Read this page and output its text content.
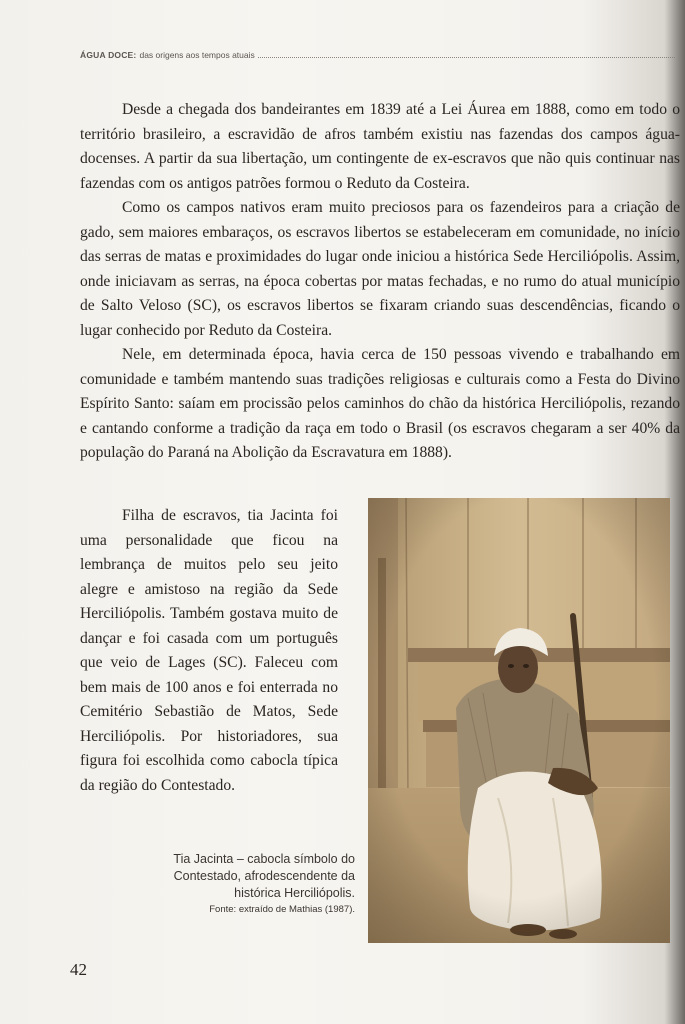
ÁGUA DOCE: das origens aos tempos atuais

Desde a chegada dos bandeirantes em 1839 até a Lei Áurea em 1888, como em todo o território brasileiro, a escravidão de afros também existiu nas fazendas dos campos água-docenses. A partir da sua libertação, um contingente de ex-escravos que não quis continuar nas fazendas com os antigos patrões formou o Reduto da Costeira.

Como os campos nativos eram muito preciosos para os fazendeiros para a criação de gado, sem maiores embaraços, os escravos libertos se estabeleceram em comunidade, no início das serras de matas e proximidades do lugar onde iniciou a histórica Sede Herciliópolis. Assim, onde iniciavam as serras, na época cobertas por matas fechadas, e no rumo do atual município de Salto Veloso (SC), os escravos libertos se fixaram criando suas descendências, ficando o lugar conhecido por Reduto da Costeira.

Nele, em determinada época, havia cerca de 150 pessoas vivendo e trabalhando em comunidade e também mantendo suas tradições religiosas e culturais como a Festa do Divino Espírito Santo: saíam em procissão pelos caminhos do chão da histórica Herciliópolis, rezando e cantando conforme a tradição da raça em todo o Brasil (os escravos chegaram a ser 40% da população do Paraná na Abolição da Escravatura em 1888).

Filha de escravos, tia Jacinta foi uma personalidade que ficou na lembrança de muitos pelo seu jeito alegre e amistoso na região da Sede Herciliópolis. Também gostava muito de dançar e foi casada com um português que veio de Lages (SC). Faleceu com bem mais de 100 anos e foi enterrada no Cemitério Sebastião de Matos, Sede Herciliópolis. Por historiadores, sua figura foi escolhida como cabocla típica da região do Contestado.

Tia Jacinta – cabocla símbolo do
Contestado, afrodescendente da
histórica Herciliópolis.
Fonte: extraído de Mathias (1987).
42
